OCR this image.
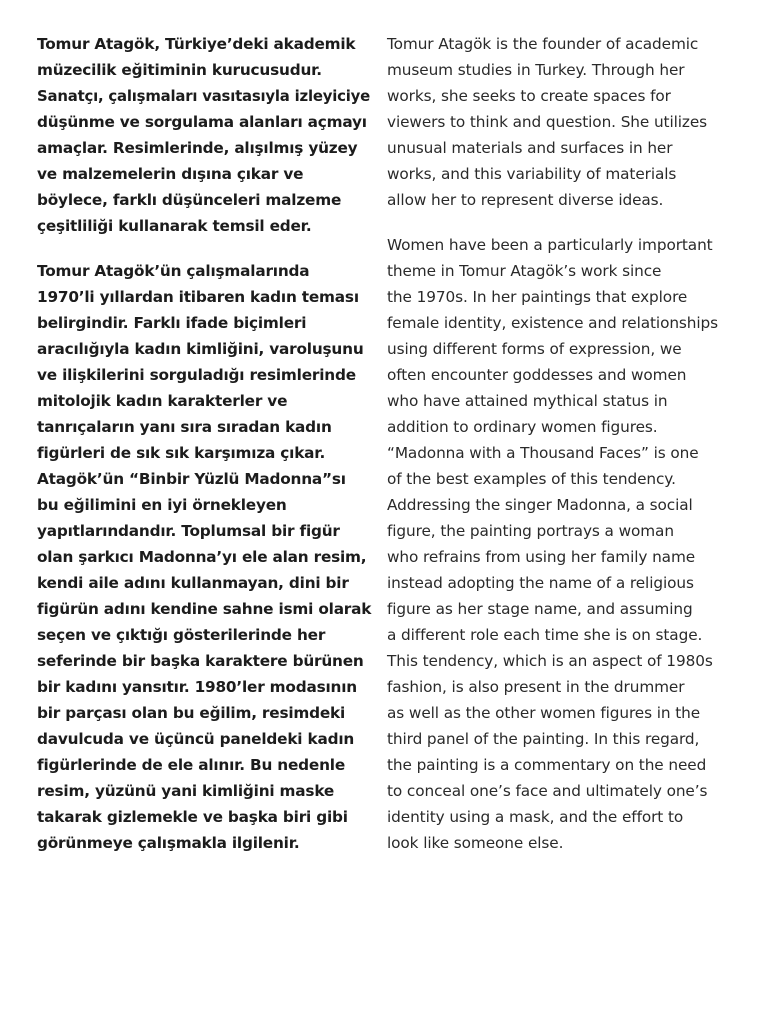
Tomur Atagök, Türkiye’deki akademik
müzecilik eğitiminin kurucusudur.
Sanatçı, çalışmaları vasıtasıyla izleyiciye
düşünme ve sorgulama alanları açmayı
amaçlar. Resimlerinde, alışılmış yüzey
ve malzemelerin dışına çıkar ve
böylece, farklı düşünceleri malzeme
çeşitliliği kullanarak temsil eder.
Tomur Atagök’ün çalışmalarında
1970’li yıllardan itibaren kadın teması
belirgindir. Farklı ifade biçimleri
aracılığıyla kadın kimliğini, varoluşunu
ve ilişkilerini sorguladığı resimlerinde
mitolojik kadın karakterler ve
tanrıçaların yanı sıra sıradan kadın
figürleri de sık sık karşımıza çıkar.
Atagök’ün “Binbir Yüzlü Madonna”sı
bu eğilimini en iyi örnekleyen
yapıtlarındandır. Toplumsal bir figür
olan şarkıcı Madonna’yı ele alan resim,
kendi aile adını kullanmayan, dini bir
figürün adını kendine sahne ismi olarak
seçen ve çıktığı gösterilerinde her
seferinde bir başka karaktere bürünen
bir kadını yansıtır. 1980’ler modasının
bir parçası olan bu eğilim, resimdeki
davulcuda ve üçüncü paneldeki kadın
figürlerinde de ele alınır. Bu nedenle
resim, yüzünü yani kimliğini maske
takarak gizlemekle ve başka biri gibi
görünmeye çalışmakla ilgilenir.
Tomur Atagök is the founder of academic
museum studies in Turkey. Through her
works, she seeks to create spaces for
viewers to think and question. She utilizes
unusual materials and surfaces in her
works, and this variability of materials
allow her to represent diverse ideas.
Women have been a particularly important
theme in Tomur Atagök’s work since
the 1970s. In her paintings that explore
female identity, existence and relationships
using different forms of expression, we
often encounter goddesses and women
who have attained mythical status in
addition to ordinary women figures.
“Madonna with a Thousand Faces” is one
of the best examples of this tendency.
Addressing the singer Madonna, a social
figure, the painting portrays a woman
who refrains from using her family name
instead adopting the name of a religious
figure as her stage name, and assuming
a different role each time she is on stage.
This tendency, which is an aspect of 1980s
fashion, is also present in the drummer
as well as the other women figures in the
third panel of the painting. In this regard,
the painting is a commentary on the need
to conceal one’s face and ultimately one’s
identity using a mask, and the effort to
look like someone else.
